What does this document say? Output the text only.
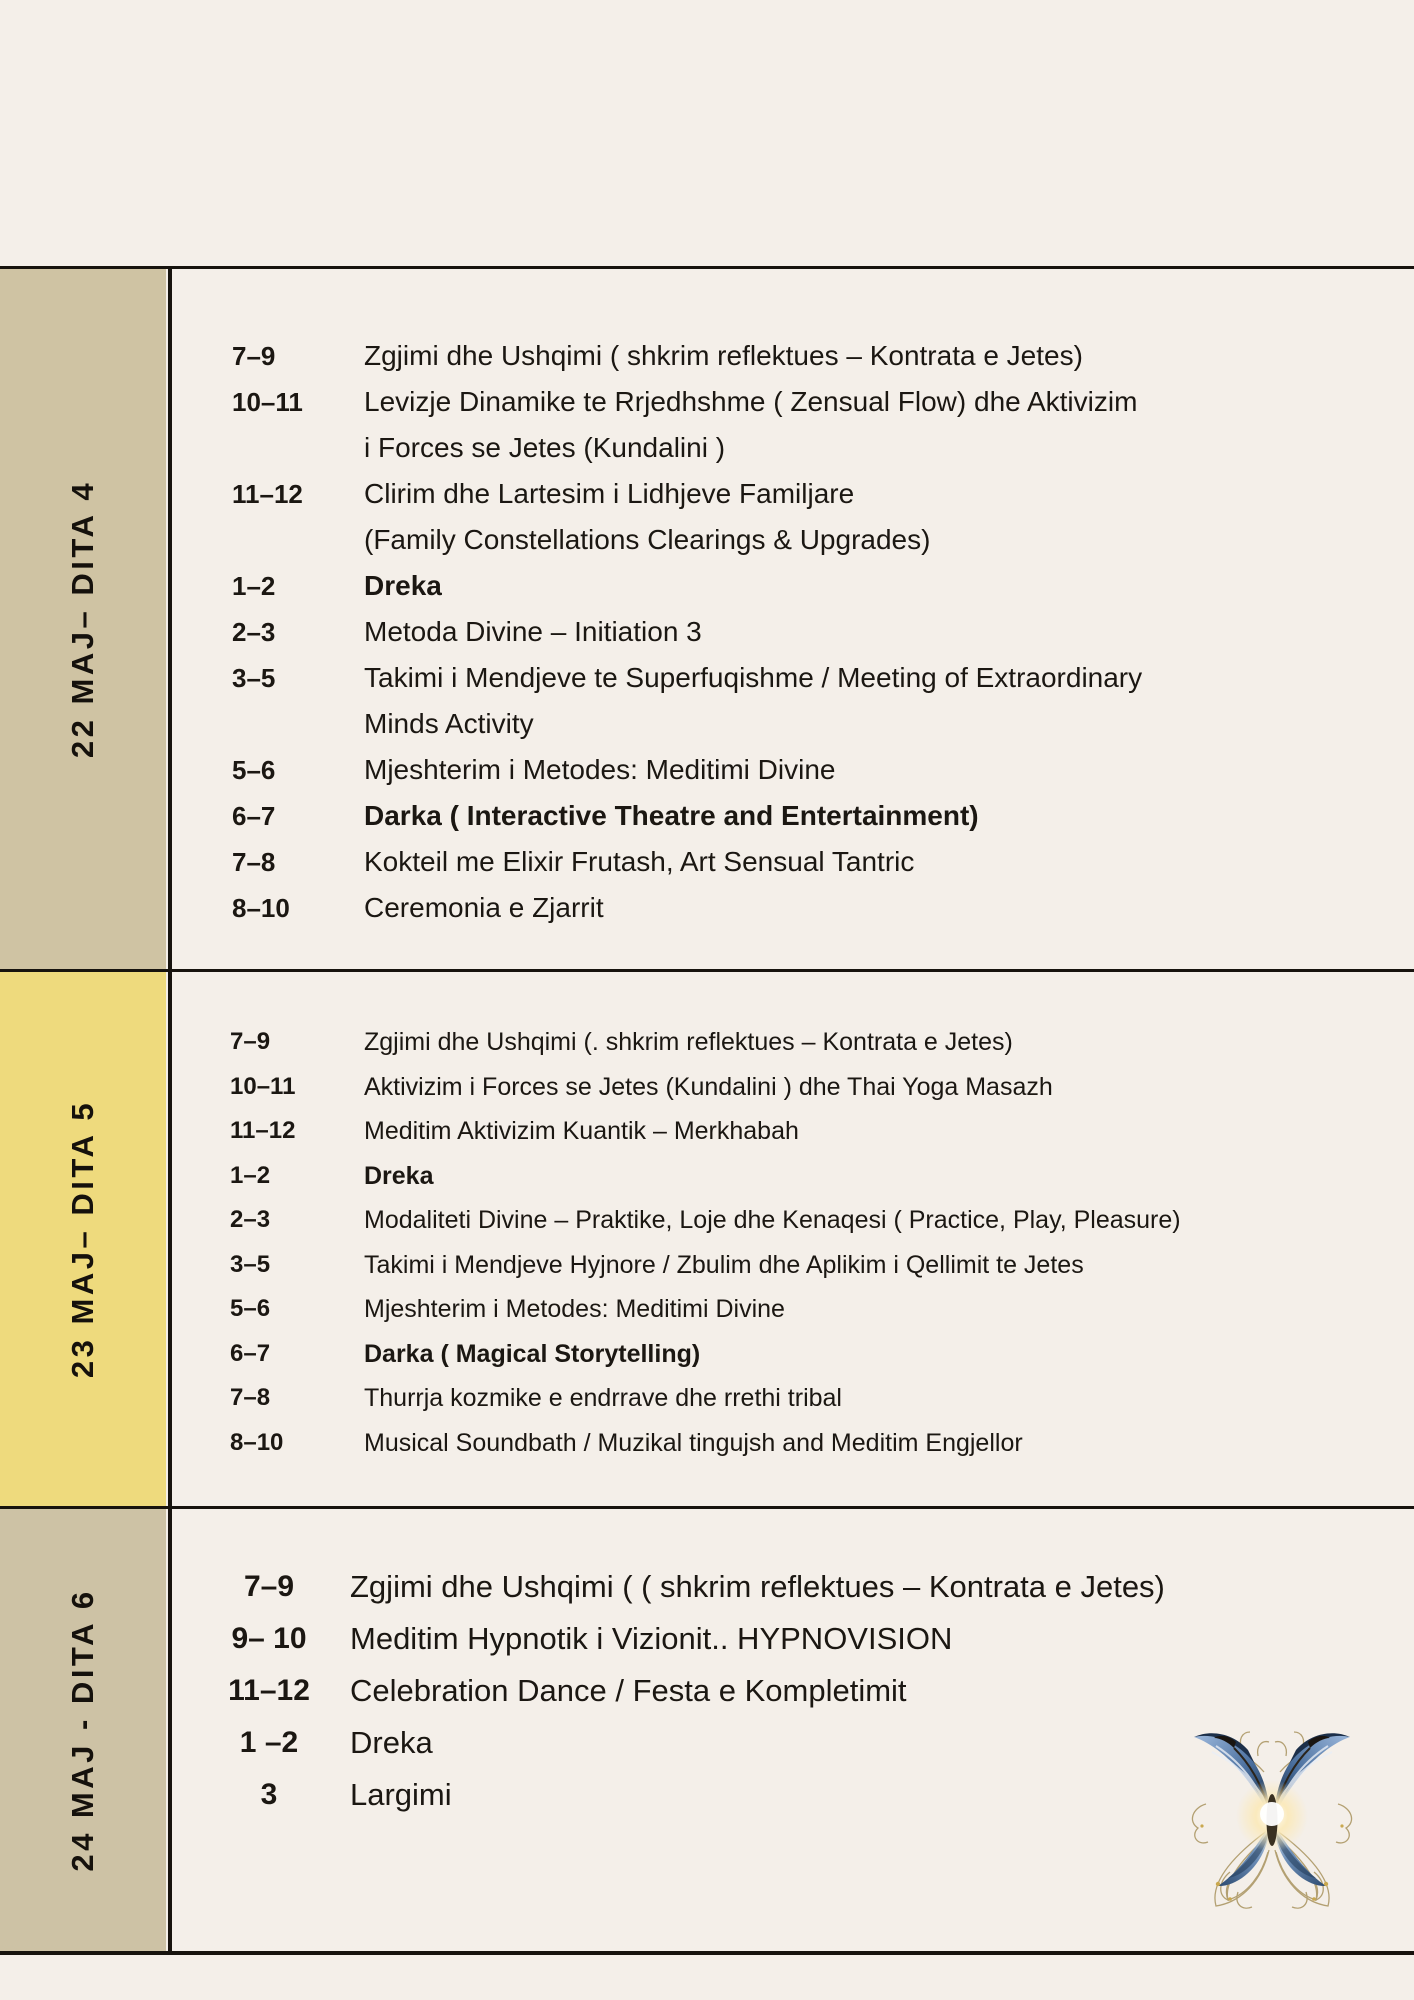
22 MAJ– DITA 4
7–9	Zgjimi dhe Ushqimi ( shkrim reflektues – Kontrata e Jetes)
10–11	Levizje Dinamike te Rrjedhshme ( Zensual Flow) dhe Aktivizim
i Forces se Jetes (Kundalini )
11–12	Clirim dhe Lartesim i Lidhjeve Familjare
(Family Constellations Clearings & Upgrades)
1–2	Dreka
2–3	Metoda Divine – Initiation 3
3–5	Takimi i Mendjeve te Superfuqishme / Meeting of Extraordinary
Minds Activity
5–6	Mjeshterim i Metodes: Meditimi Divine
6–7	Darka ( Interactive Theatre and Entertainment)
7–8	Kokteil me Elixir Frutash, Art Sensual Tantric
8–10	Ceremonia e Zjarrit
23 MAJ– DITA 5
7–9	Zgjimi dhe Ushqimi (. shkrim reflektues – Kontrata e Jetes)
10–11	Aktivizim i Forces se Jetes (Kundalini ) dhe Thai Yoga Masazh
11–12	Meditim Aktivizim Kuantik – Merkhabah
1–2	Dreka
2–3	Modaliteti Divine – Praktike, Loje dhe Kenaqesi ( Practice, Play, Pleasure)
3–5	Takimi i Mendjeve Hyjnore / Zbulim dhe Aplikim i Qellimit te Jetes
5–6	Mjeshterim i Metodes: Meditimi Divine
6–7	Darka ( Magical Storytelling)
7–8	Thurrja kozmike e endrrave dhe rrethi tribal
8–10	Musical Soundbath / Muzikal tingujsh and Meditim Engjellor
24 MAJ - DITA 6
7–9	Zgjimi dhe Ushqimi ( ( shkrim reflektues – Kontrata e Jetes)
9– 10	Meditim Hypnotik i Vizionit.. HYPNOVISION
11–12	Celebration Dance / Festa e Kompletimit
1 –2	Dreka
3	Largimi
